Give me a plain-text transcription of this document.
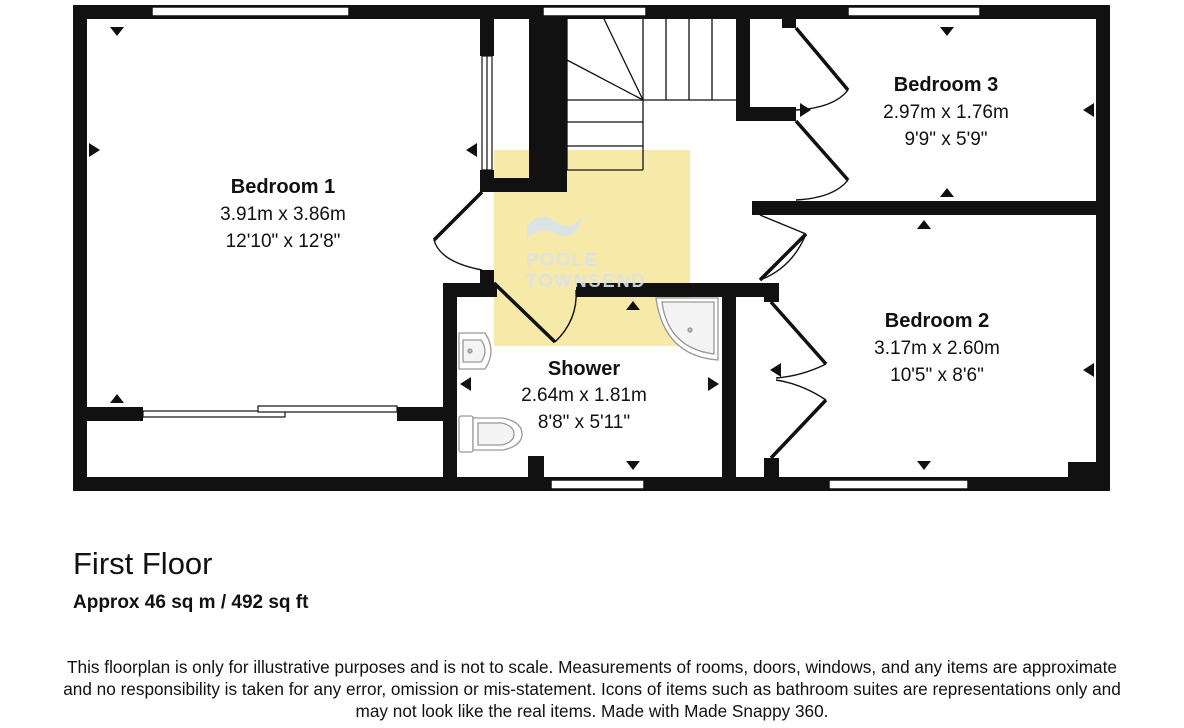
POOLE
TOWNSEND
Bedroom 1
3.91m x 3.86m
12'10" x 12'8"
Bedroom 3
2.97m x 1.76m
9'9" x 5'9"
Bedroom 2
3.17m x 2.60m
10'5" x 8'6"
Shower
2.64m x 1.81m
8'8" x 5'11"
First Floor
Approx 46 sq m / 492 sq ft
This floorplan is only for illustrative purposes and is not to scale. Measurements of rooms, doors, windows, and any items are approximate
and no responsibility is taken for any error, omission or mis-statement. Icons of items such as bathroom suites are representations only and
may not look like the real items. Made with Made Snappy 360.
